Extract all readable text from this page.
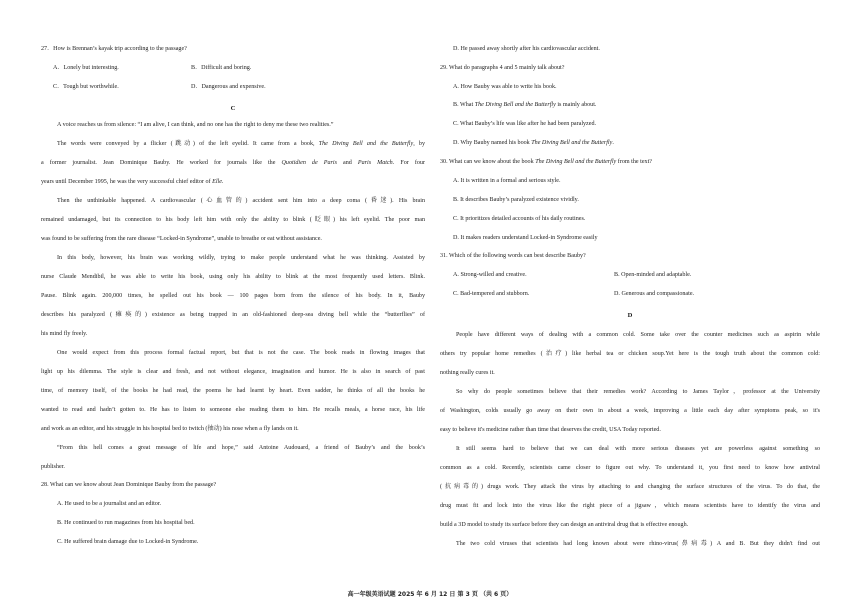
27．How is Brennan’s kayak trip according to the passage?
A．Lonely but interesting.	B．Difficult and boring.
C．Tough but worthwhile.	D．Dangerous and expensive.
C
A voice reaches us from silence: “I am alive, I can think, and no one has the right to deny me these two realities.”
The words were conveyed by a flicker (跳动) of the left eyelid. It came from a book, The Diving Bell and the Butterfly, by
a former journalist. Jean Dominique Bauby. He worked for journals like the Quotidien de Paris and Paris Match. For four
years until December 1995, he was the very successful chief editor of Elle.
Then the unthinkable happened. A cardiovascular (心血管的) accident sent him into a deep coma (昏迷). His brain
remained undamaged, but its connection to his body left him with only the ability to blink (眨眼) his left eyelid. The poor man
was found to be suffering from the rare disease “Locked-in Syndrome”, unable to breathe or eat without assistance.
In this body, however, his brain was working wildly, trying to make people understand what he was thinking. Assisted by
nurse Claude Mendibil, he was able to write his book, using only his ability to blink at the most frequently used letters. Blink.
Pause. Blink again. 200,000 times, he spelled out his book — 100 pages born from the silence of his body. In it, Bauby
describes his paralyzed (瘫痪的) existence as being trapped in an old-fashioned deep-sea diving bell while the “butterflies” of
his mind fly freely.
One would expect from this process formal factual report, but that is not the case. The book reads in flowing images that
light up his dilemma. The style is clear and fresh, and not without elegance, imagination and humor. He is also in search of past
time, of memory itself, of the books he had read, the poems he had learnt by heart. Even sadder, he thinks of all the books he
wanted to read and hadn’t gotten to. He has to listen to someone else reading them to him. He recalls meals, a horse race, his life
and work as an editor, and his struggle in his hospital bed to twitch (抽动) his nose when a fly lands on it.
“From this hell comes a great message of life and hope,” said Antoine Audouard, a friend of Bauby’s and the book’s
publisher.
28. What can we know about Jean Dominique Bauby from the passage?
A. He used to be a journalist and an editor.
B. He continued to run magazines from his hospital bed.
C. He suffered brain damage due to Locked-in Syndrome.
D. He passed away shortly after his cardiovascular accident.
29. What do paragraphs 4 and 5 mainly talk about?
A. How Bauby was able to write his book.
B. What The Diving Bell and the Butterfly is mainly about.
C. What Bauby’s life was like after he had been paralyzed.
D. Why Bauby named his book The Diving Bell and the Butterfly.
30. What can we know about the book The Diving Bell and the Butterfly from the text?
A. It is written in a formal and serious style.
B. It describes Bauby’s paralyzed existence vividly.
C. It prioritizes detailed accounts of his daily routines.
D. It makes readers understand Locked-in Syndrome easily
31. Which of the following words can best describe Bauby?
A. Strong-willed and creative.	B. Open-minded and adaptable.
C. Bad-tempered and stubborn.	D. Generous and compassionate.
D
People have different ways of dealing with a common cold. Some take over the counter medicines such as aspirin while
others try popular home remedies (治疗) like herbal tea or chicken soup.Yet here is the tough truth about the common cold:
nothing really cures it.
So why do people sometimes believe that their remedies work? According to James Taylor，professor at the University
of Washington, colds usually go away on their own in about a week, improving a little each day after symptoms peak, so it's
easy to believe it's medicine rather than time that deserves the credit, USA Today reported.
It still seems hard to believe that we can deal with more serious diseases yet are powerless against something so
common as a cold. Recently, scientists came closer to figure out why. To understand it, you first need to know how antiviral
(抗病毒的) drugs work. They attack the virus by attaching to and changing the surface structures of the virus. To do that, the
drug must fit and lock into the virus like the right piece of a jigsaw，which means scientists have to identify the virus and
build a 3D model to study its surface before they can design an antiviral drug that is effective enough.
The two cold viruses that scientists had long known about were rhino-virus(鼻病毒) A and B. But they didn't find out
高一年级英语试题 2025 年 6 月 12 日 第 3 页 （共 6 页）
